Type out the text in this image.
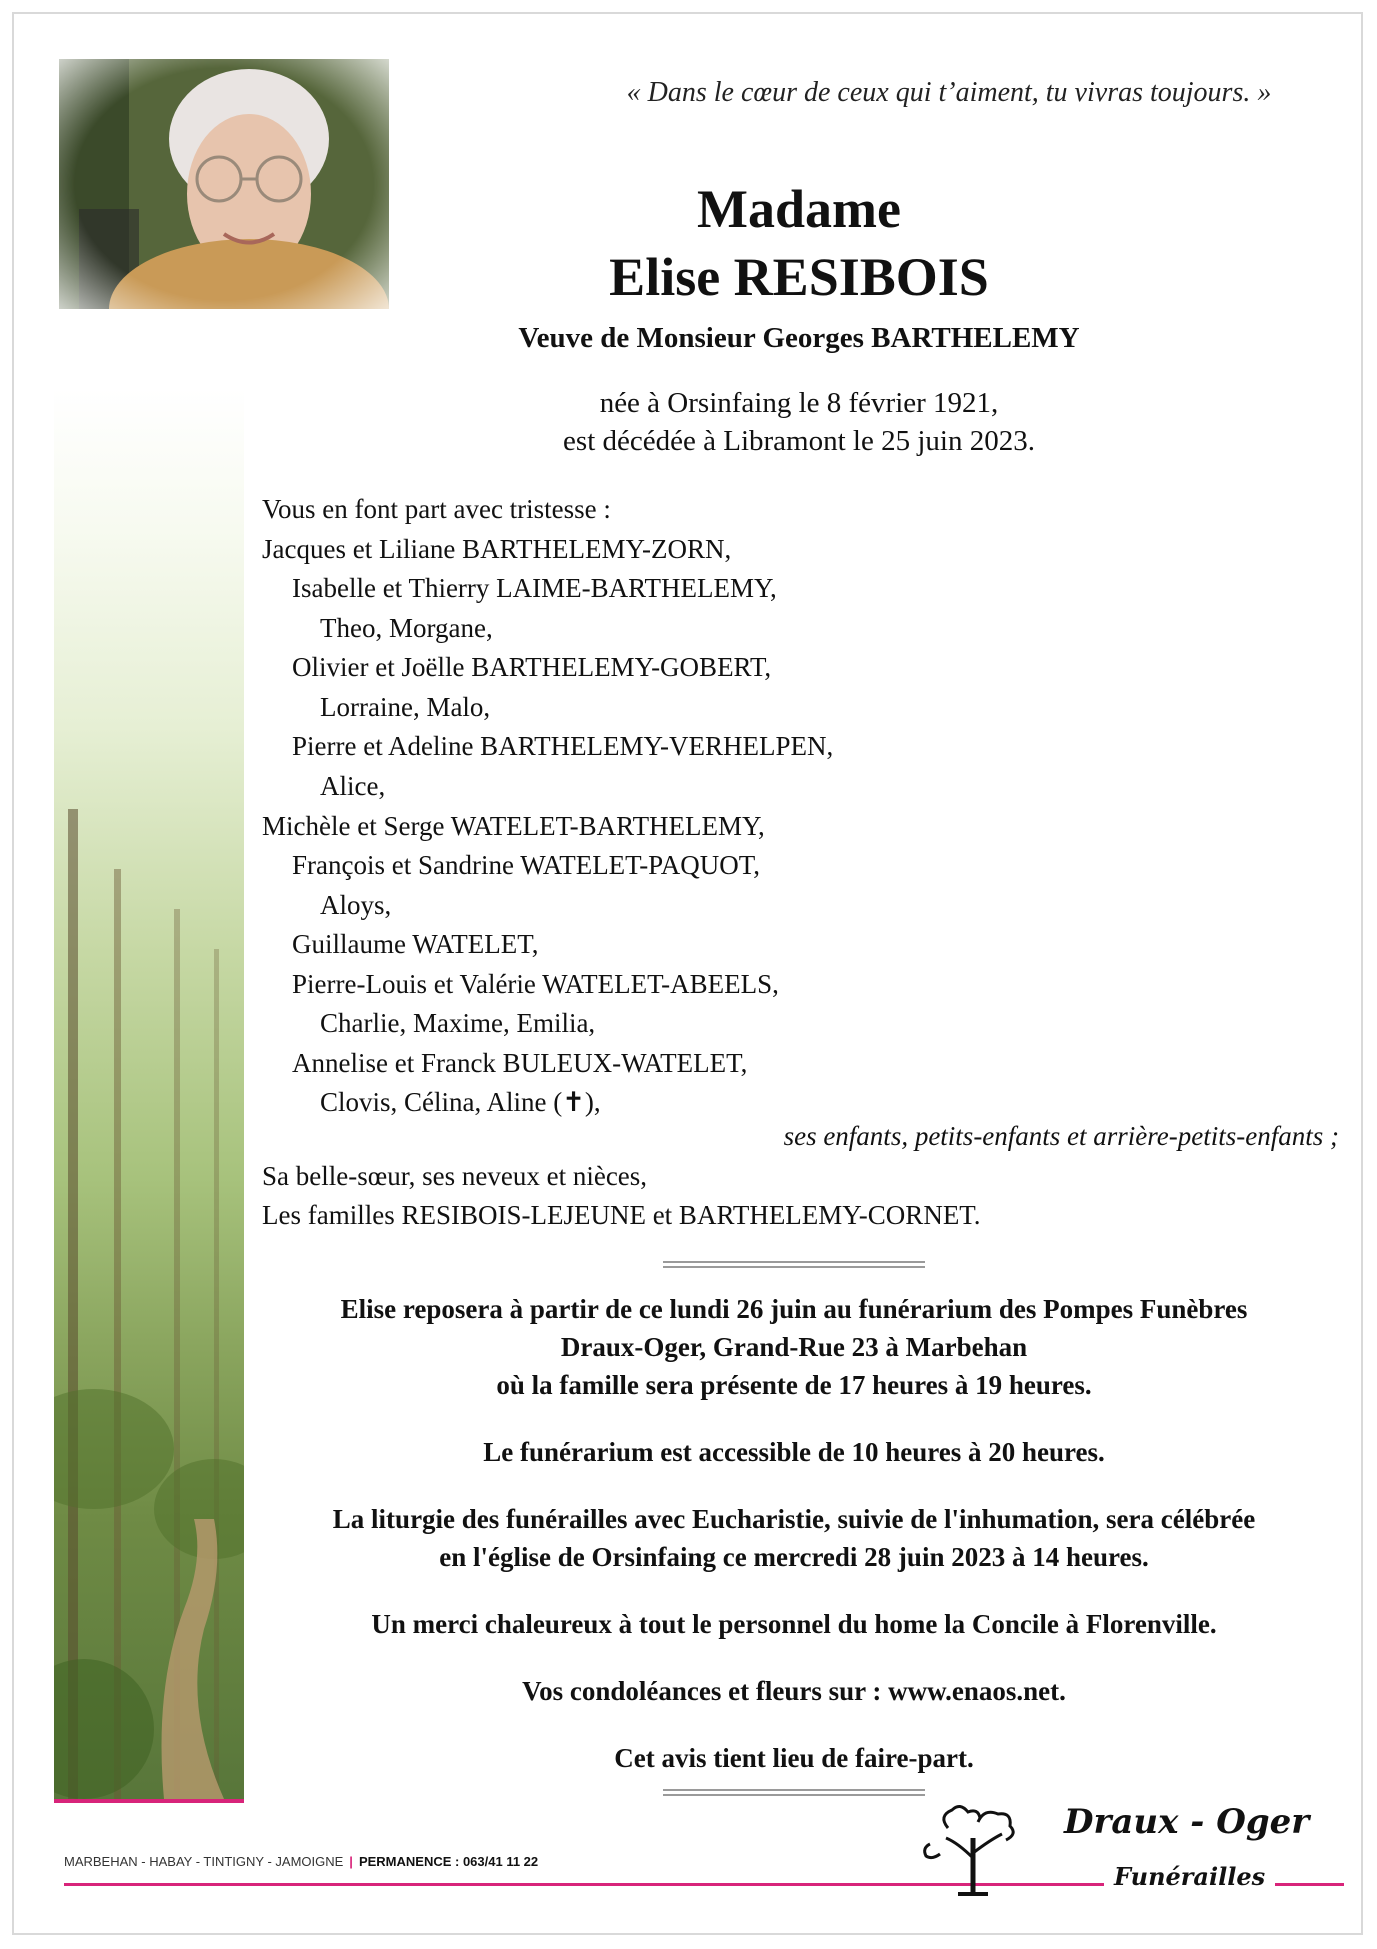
« Dans le cœur de ceux qui t’aiment, tu vivras toujours. »
Madame
Elise RESIBOIS
Veuve de Monsieur Georges BARTHELEMY
née à Orsinfaing le 8 février 1921,
est décédée à Libramont le 25 juin 2023.
Vous en font part avec tristesse :
Jacques et Liliane BARTHELEMY-ZORN,
Isabelle et Thierry LAIME-BARTHELEMY,
Theo, Morgane,
Olivier et Joëlle BARTHELEMY-GOBERT,
Lorraine, Malo,
Pierre et Adeline BARTHELEMY-VERHELPEN,
Alice,
Michèle et Serge WATELET-BARTHELEMY,
François et Sandrine WATELET-PAQUOT,
Aloys,
Guillaume WATELET,
Pierre-Louis et Valérie WATELET-ABEELS,
Charlie, Maxime, Emilia,
Annelise et Franck BULEUX-WATELET,
Clovis, Célina, Aline (✝),
ses enfants, petits-enfants et arrière-petits-enfants ;
Sa belle-sœur, ses neveux et nièces,
Les familles RESIBOIS-LEJEUNE et BARTHELEMY-CORNET.
Elise reposera à partir de ce lundi 26 juin au funérarium des Pompes Funèbres
Draux-Oger, Grand-Rue 23 à Marbehan
où la famille sera présente de 17 heures à 19 heures.
Le funérarium est accessible de 10 heures à 20 heures.
La liturgie des funérailles avec Eucharistie, suivie de l'inhumation, sera célébrée
en l'église de Orsinfaing ce mercredi 28 juin 2023 à 14 heures.
Un merci chaleureux à tout le personnel du home la Concile à Florenville.
Vos condoléances et fleurs sur : www.enaos.net.
Cet avis tient lieu de faire-part.
MARBEHAN - HABAY - TINTIGNY - JAMOIGNE | PERMANENCE : 063/41 11 22
Draux - Oger
Funérailles
